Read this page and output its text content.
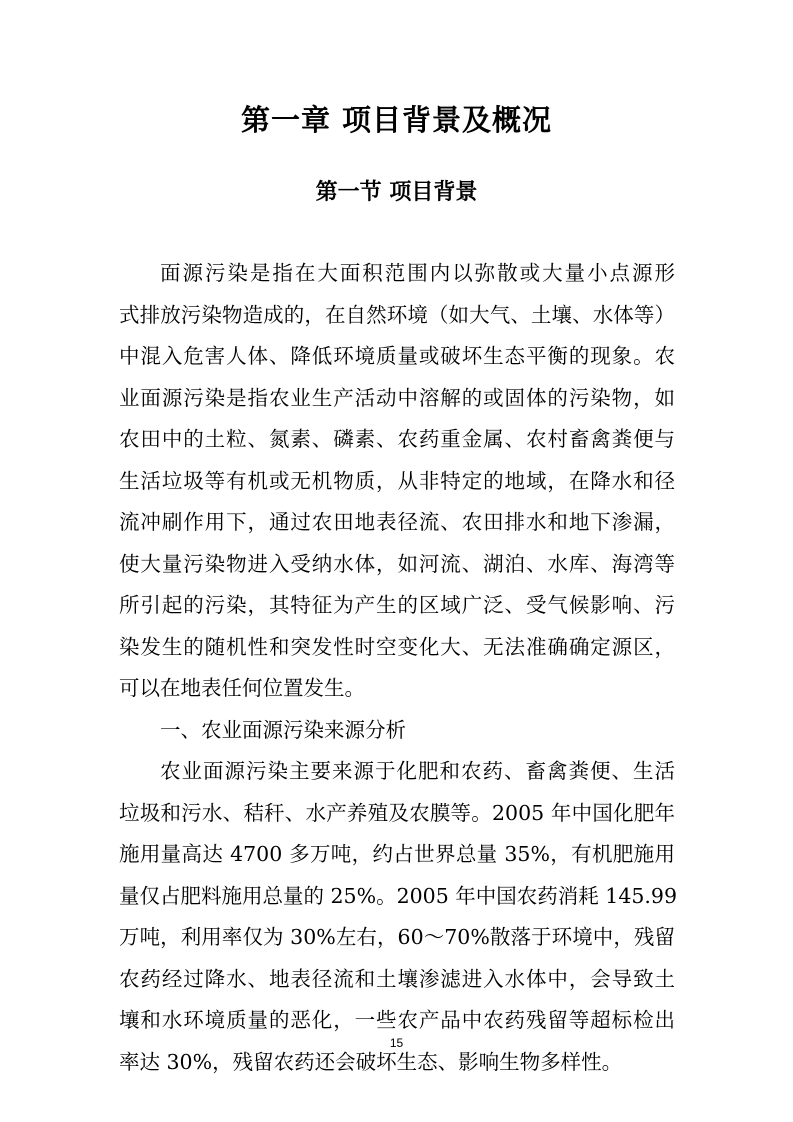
第一章 项目背景及概况
第一节 项目背景
面源污染是指在大面积范围内以弥散或大量小点源形
式排放污染物造成的，在自然环境（如大气、土壤、水体等）
中混入危害人体、降低环境质量或破坏生态平衡的现象。农
业面源污染是指农业生产活动中溶解的或固体的污染物，如
农田中的土粒、氮素、磷素、农药重金属、农村畜禽粪便与
生活垃圾等有机或无机物质，从非特定的地域，在降水和径
流冲刷作用下，通过农田地表径流、农田排水和地下渗漏，
使大量污染物进入受纳水体，如河流、湖泊、水库、海湾等
所引起的污染，其特征为产生的区域广泛、受气候影响、污
染发生的随机性和突发性时空变化大、无法准确确定源区，
可以在地表任何位置发生。
一、农业面源污染来源分析
农业面源污染主要来源于化肥和农药、畜禽粪便、生活
垃圾和污水、秸秆、水产养殖及农膜等。2005 年中国化肥年
施用量高达 4700 多万吨，约占世界总量 35%，有机肥施用
量仅占肥料施用总量的 25%。2005 年中国农药消耗 145.99
万吨，利用率仅为 30%左右，60～70%散落于环境中，残留
农药经过降水、地表径流和土壤渗滤进入水体中，会导致土
壤和水环境质量的恶化，一些农产品中农药残留等超标检出
率达 30%，残留农药还会破坏生态、影响生物多样性。
15
